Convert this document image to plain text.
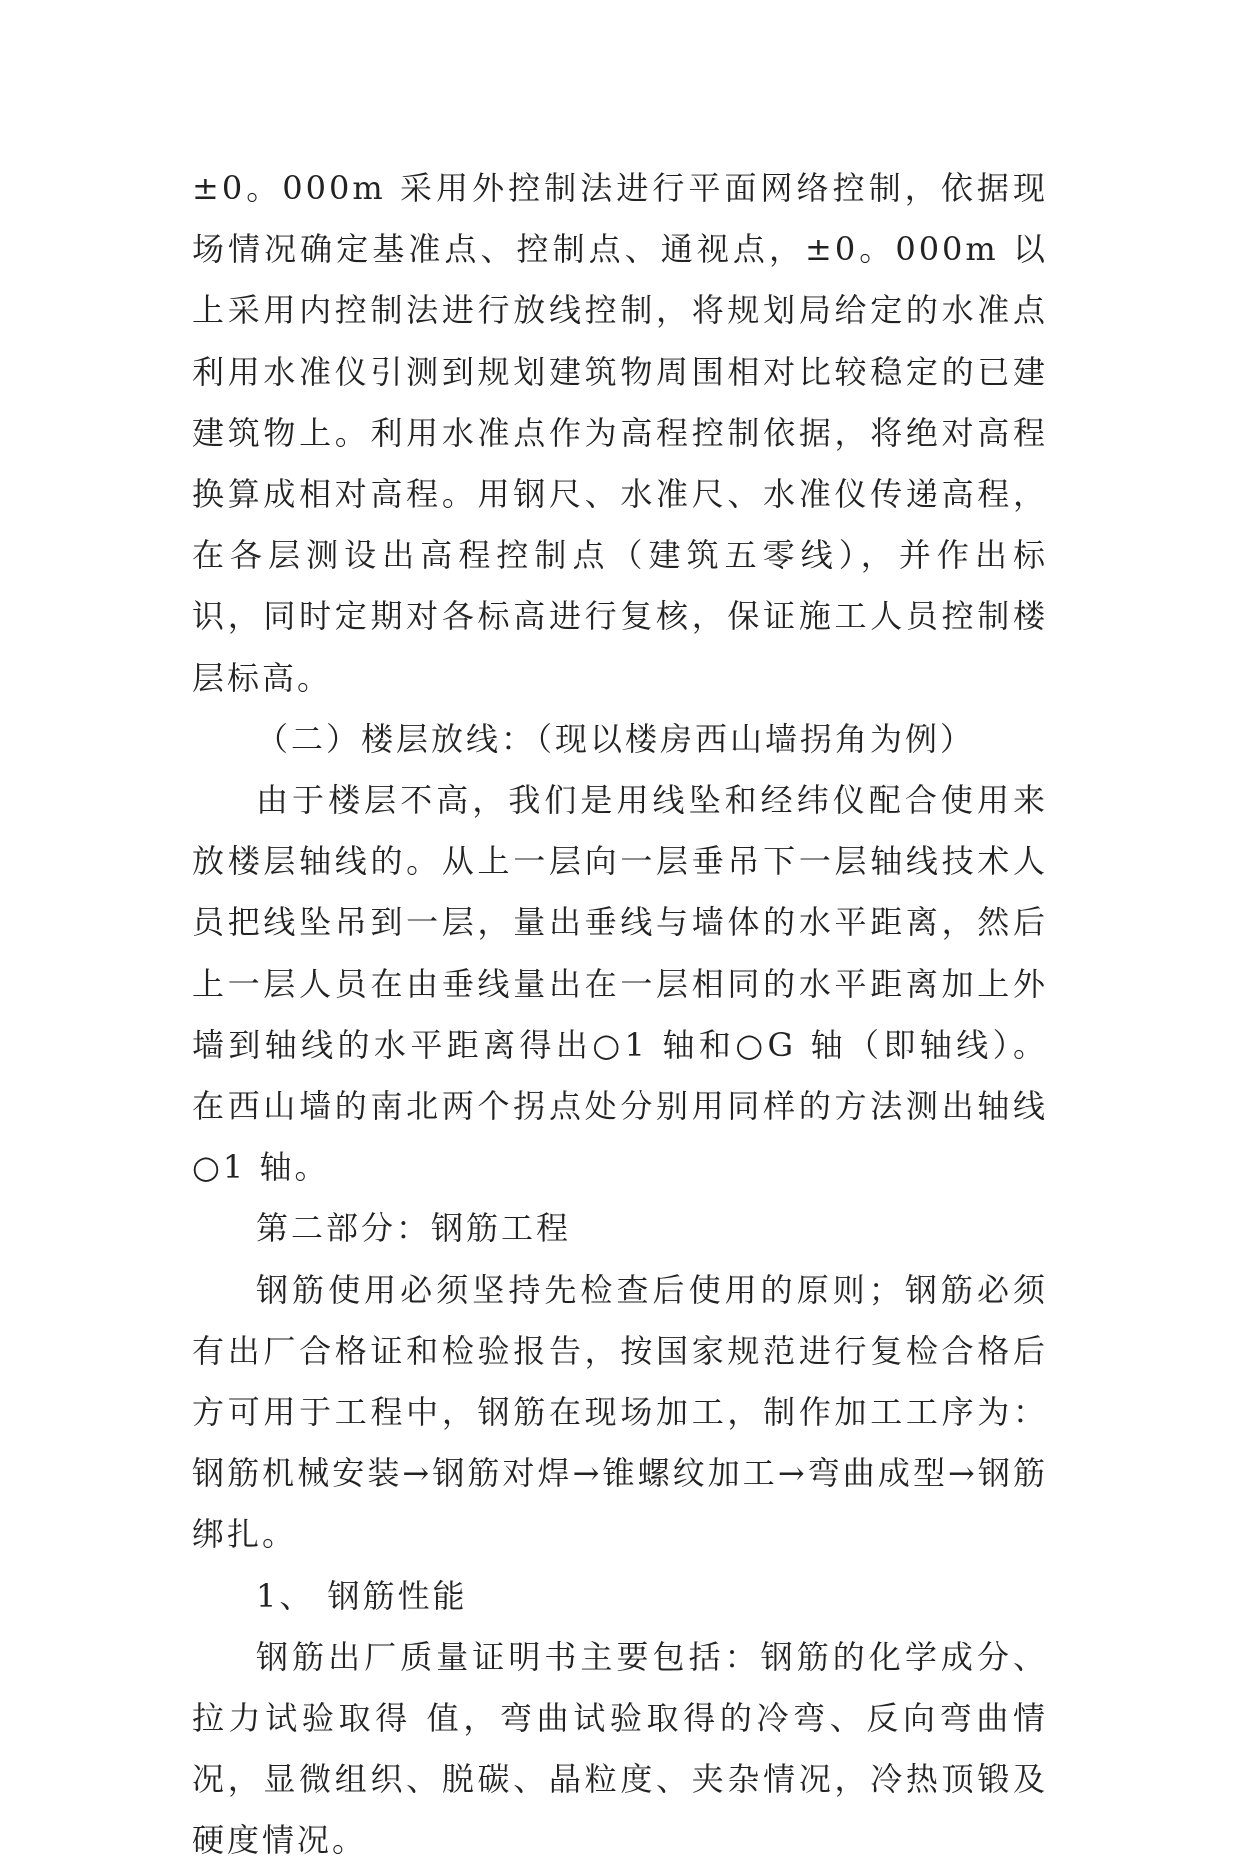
±0。000m 采用外控制法进行平面网络控制，依据现场情况确定基准点、控制点、通视点，±0。000m 以上采用内控制法进行放线控制，将规划局给定的水准点利用水准仪引测到规划建筑物周围相对比较稳定的已建建筑物上。利用水准点作为高程控制依据，将绝对高程换算成相对高程。用钢尺、水准尺、水准仪传递高程，在各层测设出高程控制点（建筑五零线），并作出标识，同时定期对各标高进行复核，保证施工人员控制楼层标高。

（二）楼层放线：（现以楼房西山墙拐角为例）

由于楼层不高，我们是用线坠和经纬仪配合使用来放楼层轴线的。从上一层向一层垂吊下一层轴线技术人员把线坠吊到一层，量出垂线与墙体的水平距离，然后上一层人员在由垂线量出在一层相同的水平距离加上外墙到轴线的水平距离得出○1 轴和○G 轴（即轴线）。在西山墙的南北两个拐点处分别用同样的方法测出轴线○1 轴。

第二部分：钢筋工程

钢筋使用必须坚持先检查后使用的原则；钢筋必须有出厂合格证和检验报告，按国家规范进行复检合格后方可用于工程中，钢筋在现场加工，制作加工工序为：钢筋机械安装→钢筋对焊→锥螺纹加工→弯曲成型→钢筋绑扎。

1、 钢筋性能

钢筋出厂质量证明书主要包括：钢筋的化学成分、拉力试验取得 值，弯曲试验取得的冷弯、反向弯曲情况，显微组织、脱碳、晶粒度、夹杂情况，冷热顶锻及硬度情况。
